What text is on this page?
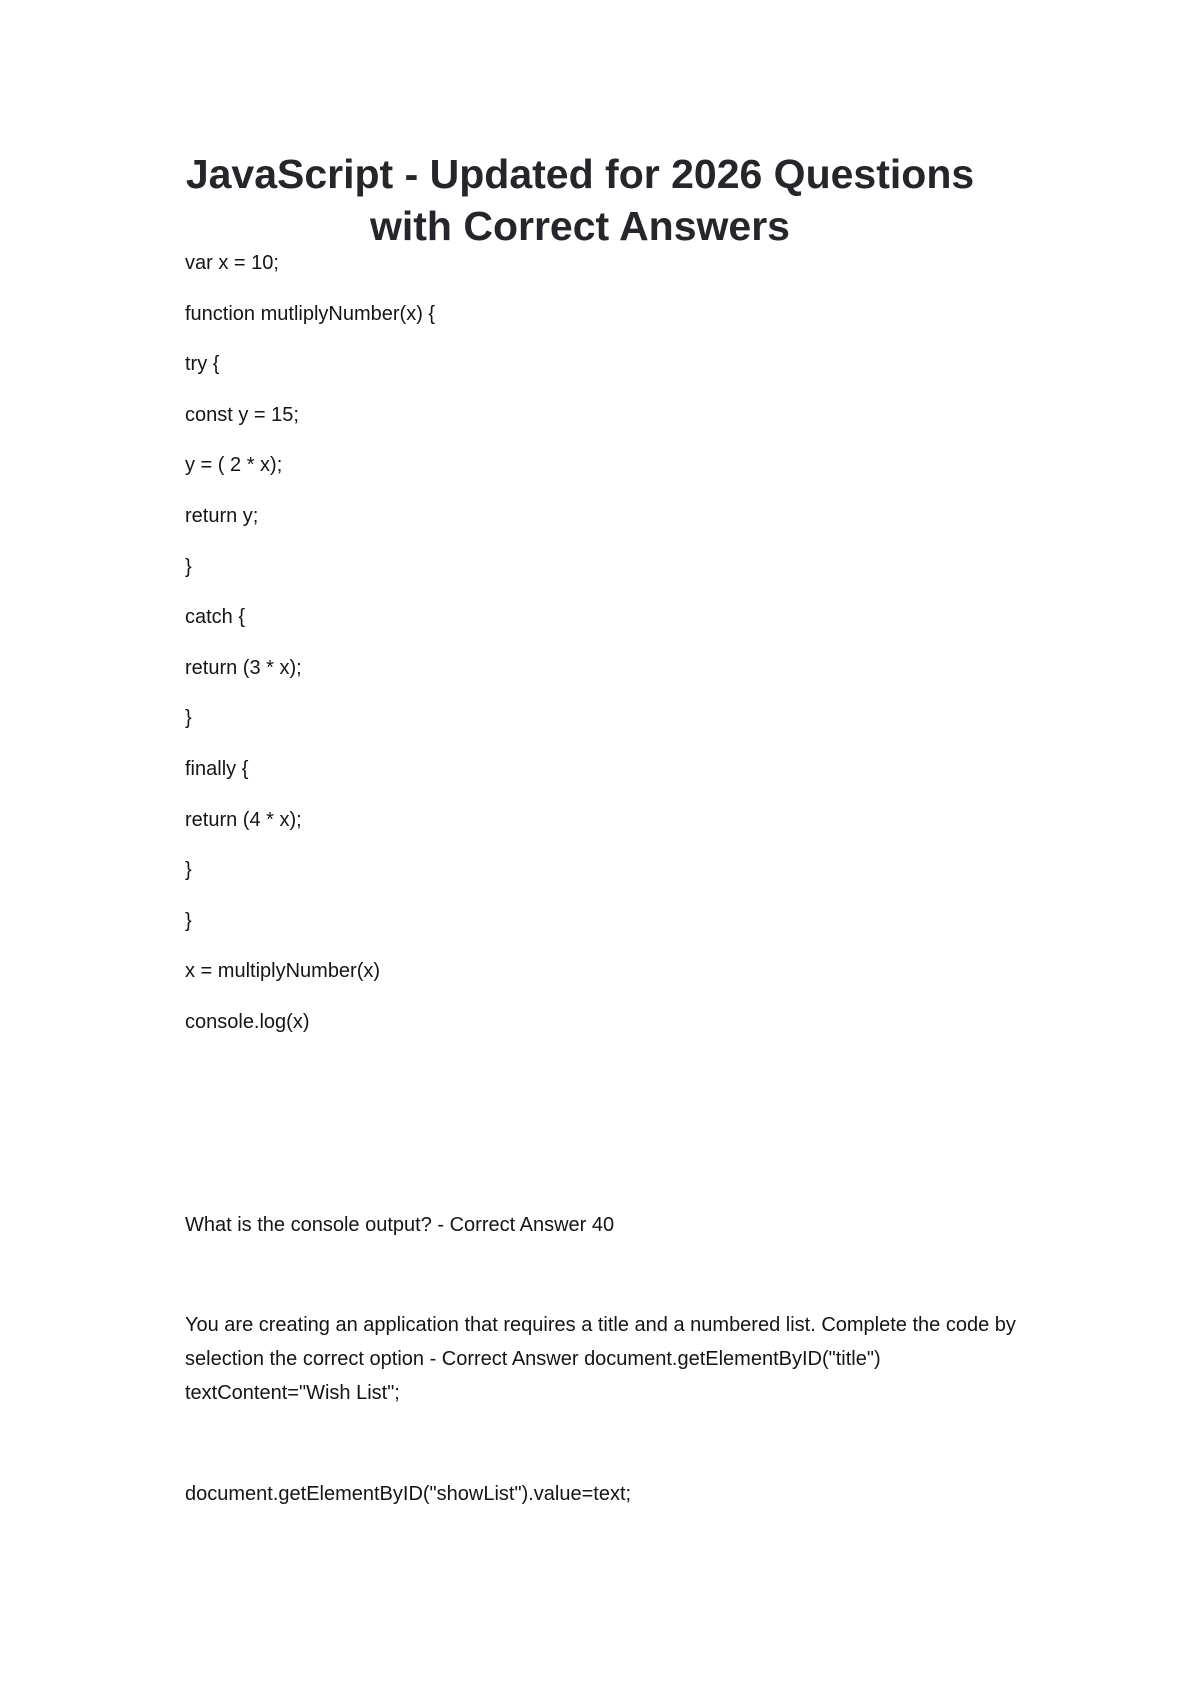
JavaScript - Updated for 2026 Questions
with Correct Answers
var x = 10;
function mutliplyNumber(x) {
try {
const y = 15;
y = ( 2 * x);
return y;
}
catch {
return (3 * x);
}
finally {
return (4 * x);
}
}
x = multiplyNumber(x)
console.log(x)

What is the console output? - Correct Answer 40

You are creating an application that requires a title and a numbered list. Complete the code by selection the correct option - Correct Answer document.getElementByID("title") textContent="Wish List";

document.getElementByID("showList").value=text;
